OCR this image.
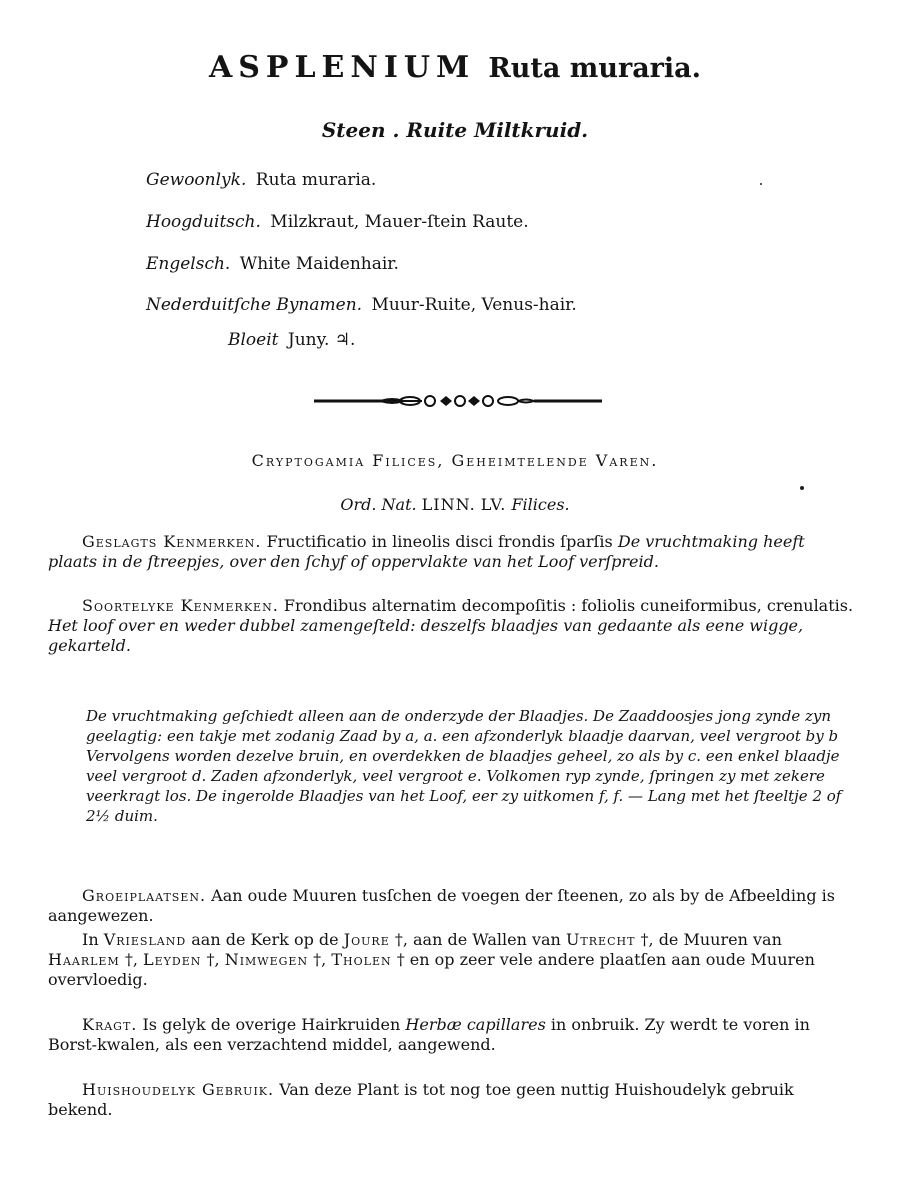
ASPLENIUM Ruta muraria.
Steen . Ruite Miltkruid.
Gewoonlyk. Ruta muraria.
Hoogduitsch. Milzkraut, Mauer-ſtein Raute.
Engelsch. White Maidenhair.
Nederduitſche Bynamen. Muur-Ruite, Venus-hair.
Bloeit Juny. ♃.
Cryptogamia Filices, Geheimtelende Varen.
Ord. Nat. LINN. LV. Filices.
Geslagts Kenmerken. Fructificatio in lineolis disci frondis ſparſis De vruchtmaking heeft plaats in de ſtreepjes, over den ſchyf of oppervlakte van het Loof verſpreid.
Soortelyke Kenmerken. Frondibus alternatim decompoſitis : foliolis cuneiformibus, crenulatis. Het loof over en weder dubbel zamengeſteld: deszelfs blaadjes van gedaante als eene wigge, gekarteld.
De vruchtmaking geſchiedt alleen aan de onderzyde der Blaadjes. De Zaaddoosjes jong zynde zyn geelagtig: een takje met zodanig Zaad by a, a. een afzonderlyk blaadje daarvan, veel vergroot by b Vervolgens worden dezelve bruin, en overdekken de blaadjes geheel, zo als by c. een enkel blaadje veel vergroot d. Zaden afzonderlyk, veel vergroot e. Volkomen ryp zynde, ſpringen zy met zekere veerkragt los. De ingerolde Blaadjes van het Loof, eer zy uitkomen f, f. — Lang met het ſteeltje 2 of 2½ duim.
Groeiplaatsen. Aan oude Muuren tusſchen de voegen der ſteenen, zo als by de Afbeelding is aangewezen.
In Vriesland aan de Kerk op de Joure †, aan de Wallen van Utrecht †, de Muuren van Haarlem †, Leyden †, Nimwegen †, Tholen † en op zeer vele andere plaatſen aan oude Muuren overvloedig.
Kragt. Is gelyk de overige Hairkruiden Herbæ capillares in onbruik. Zy werdt te voren in Borst-kwalen, als een verzachtend middel, aangewend.
Huishoudelyk Gebruik. Van deze Plant is tot nog toe geen nuttig Huishoudelyk gebruik bekend.
